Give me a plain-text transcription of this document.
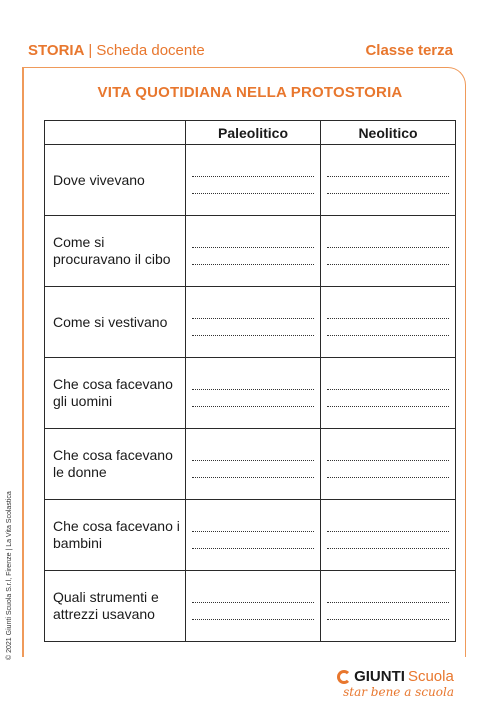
STORIA | Scheda docente	Classe terza
VITA QUOTIDIANA NELLA PROTOSTORIA
	Paleolitico	Neolitico
Dove vivevano	

Come si procuravano il cibo	

Come si vestivano	

Che cosa facevano gli uomini	

Che cosa facevano le donne	

Che cosa facevano i bambini	

Quali strumenti e attrezzi usavano	

© 2021 Giunti Scuola S.r.l, Firenze | La Vita Scolastica
GIUNTI Scuola
star bene a scuola
